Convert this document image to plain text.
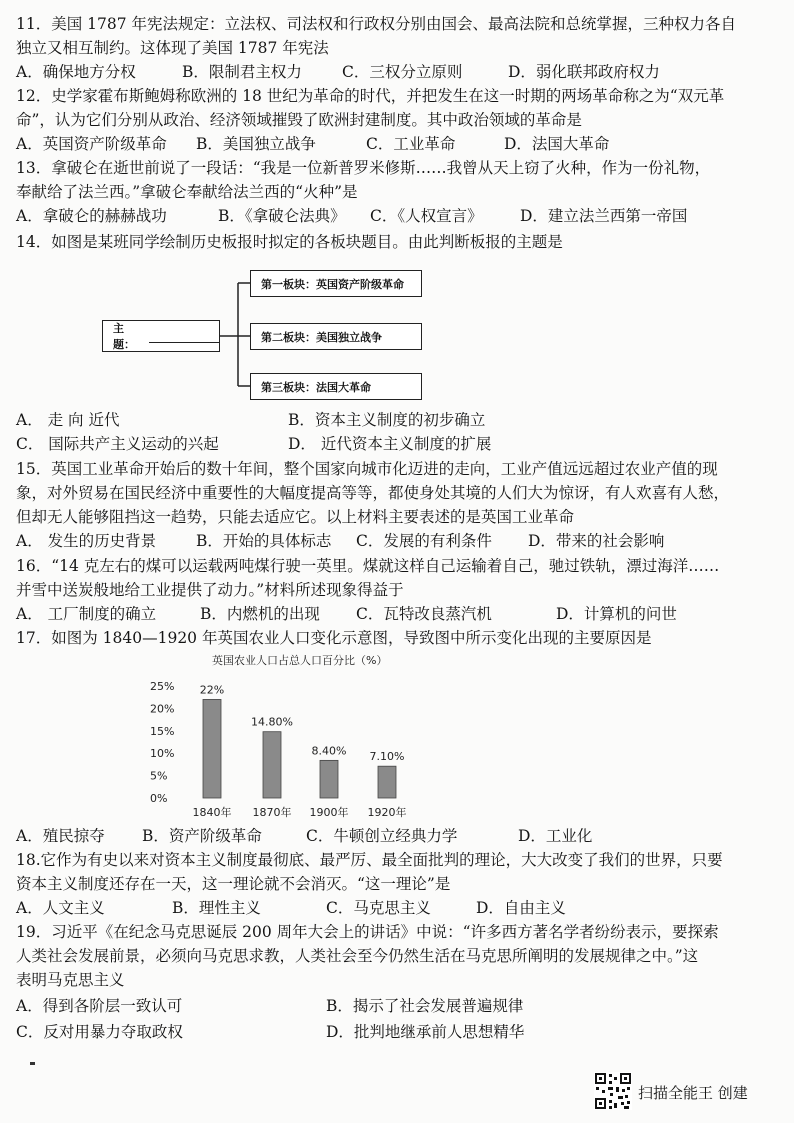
11．美国 1787 年宪法规定：立法权、司法权和行政权分别由国会、最高法院和总统掌握，三种权力各自
独立又相互制约。这体现了美国 1787 年宪法
A．确保地方分权	B．限制君主权力	C．三权分立原则	D．弱化联邦政府权力
12．史学家霍布斯鲍姆称欧洲的 18 世纪为革命的时代，并把发生在这一时期的两场革命称之为“双元革
命”，认为它们分别从政治、经济领域摧毁了欧洲封建制度。其中政治领域的革命是
A．英国资产阶级革命 B．美国独立战争	C．工业革命	D．法国大革命
13．拿破仑在逝世前说了一段话：“我是一位新普罗米修斯……我曾从天上窃了火种，作为一份礼物，
奉献给了法兰西。”拿破仑奉献给法兰西的“火种”是
A．拿破仑的赫赫战功	B．《拿破仑法典》 C．《人权宣言》 D．建立法兰西第一帝国
14．如图是某班同学绘制历史板报时拟定的各板块题目。由此判断板报的主题是
主题：
第一板块：英国资产阶级革命
第二板块：美国独立战争
第三板块：法国大革命
A． 走 向 近代	B．资本主义制度的初步确立
C． 国际共产主义运动的兴起	D． 近代资本主义制度的扩展
15．英国工业革命开始后的数十年间，整个国家向城市化迈进的走向，工业产值远远超过农业产值的现
象，对外贸易在国民经济中重要性的大幅度提高等等，都使身处其境的人们大为惊讶，有人欢喜有人愁，
但却无人能够阻挡这一趋势，只能去适应它。以上材料主要表述的是英国工业革命
A． 发生的历史背景	B．开始的具体标志 C．发展的有利条件 D．带来的社会影响
16．“14 克左右的煤可以运载两吨煤行驶一英里。煤就这样自己运输着自己，驰过铁轨，漂过海洋……
并雪中送炭般地给工业提供了动力。”材料所述现象得益于
A． 工厂制度的确立	B．内燃机的出现 C．瓦特改良蒸汽机	D．计算机的问世
17．如图为 1840—1920 年英国农业人口变化示意图，导致图中所示变化出现的主要原因是
英国农业人口占总人口百分比（%）
25%
20%
15%
10%
5%
0%
1840年 1870年 1900年 1920年
22%
14.80%
8.40% 7.10%
A．殖民掠夺 B．资产阶级革命	C．牛顿创立经典力学	D．工业化
18.它作为有史以来对资本主义制度最彻底、最严厉、最全面批判的理论，大大改变了我们的世界，只要
资本主义制度还存在一天，这一理论就不会消灭。“这一理论”是
A．人文主义	B．理性主义	C．马克思主义	D．自由主义
19．习近平《在纪念马克思诞辰 200 周年大会上的讲话》中说：“许多西方著名学者纷纷表示，要探索
人类社会发展前景，必须向马克思求教，人类社会至今仍然生活在马克思所阐明的发展规律之中。”这
表明马克思主义
A．得到各阶层一致认可	B．揭示了社会发展普遍规律
C．反对用暴力夺取政权	D．批判地继承前人思想精华
扫描全能王 创建
